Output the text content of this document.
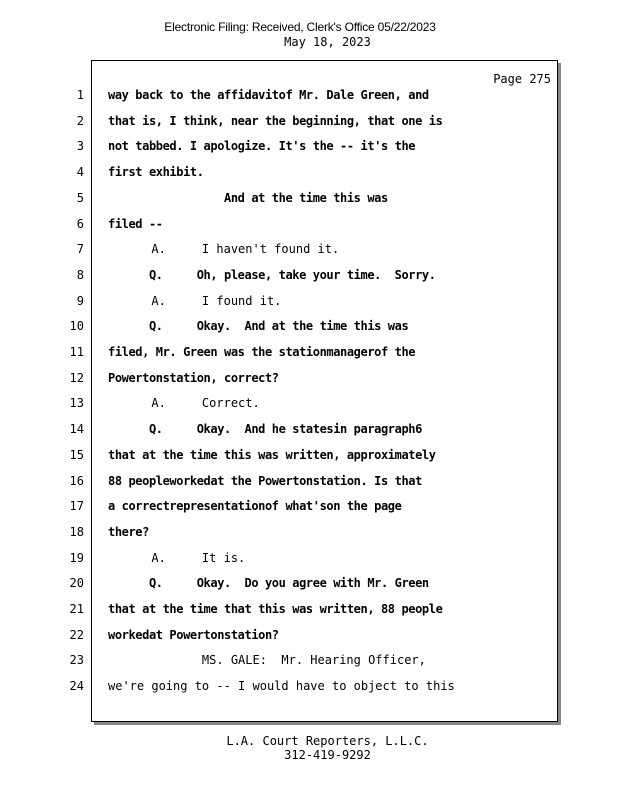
Electronic Filing: Received, Clerk's Office 05/22/2023
May 18, 2023
Page 275
1
2
3
4
5
6
7
8
9
10
11
12
13
14
15
16
17
18
19
20
21
22
23
24
way back to the affidavitof Mr. Dale Green, and
that is, I think, near the beginning, that one is
not tabbed. I apologize. It's the -- it's the
first exhibit.
And at the time this was
filed --
A.     I haven't found it.
Q.     Oh, please, take your time.  Sorry.
A.     I found it.
Q.     Okay.  And at the time this was
filed, Mr. Green was the stationmanagerof the
Powertonstation, correct?
A.     Correct.
Q.     Okay.  And he statesin paragraph6
that at the time this was written, approximately
88 peopleworkedat the Powertonstation. Is that
a correctrepresentationof what'son the page
there?
A.     It is.
Q.     Okay.  Do you agree with Mr. Green
that at the time that this was written, 88 people
workedat Powertonstation?
MS. GALE:  Mr. Hearing Officer,
we're going to -- I would have to object to this
L.A. Court Reporters, L.L.C.
312-419-9292
